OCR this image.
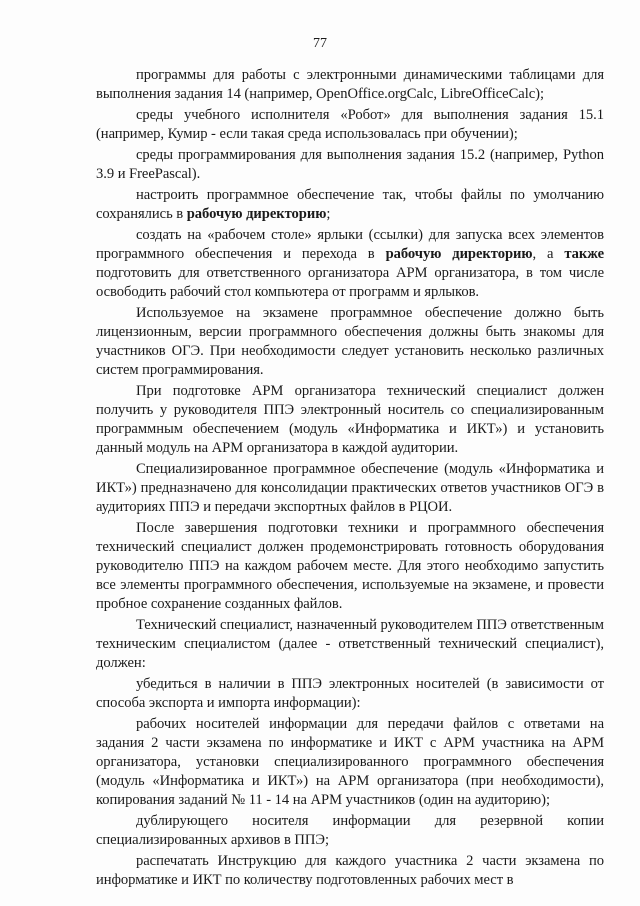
77

программы для работы с электронными динамическими таблицами для выполнения задания 14 (например, OpenOffice.orgCalc, LibreOfficeCalc);

среды учебного исполнителя «Робот» для выполнения задания 15.1 (например, Кумир - если такая среда использовалась при обучении);

среды программирования для выполнения задания 15.2 (например, Python 3.9 и FreePascal).

настроить программное обеспечение так, чтобы файлы по умолчанию сохранялись в рабочую директорию;

создать на «рабочем столе» ярлыки (ссылки) для запуска всех элементов программного обеспечения и перехода в рабочую директорию, а также подготовить для ответственного организатора АРМ организатора, в том числе освободить рабочий стол компьютера от программ и ярлыков.

Используемое на экзамене программное обеспечение должно быть лицензионным, версии программного обеспечения должны быть знакомы для участников ОГЭ. При необходимости следует установить несколько различных систем программирования.

При подготовке АРМ организатора технический специалист должен получить у руководителя ППЭ электронный носитель со специализированным программным обеспечением (модуль «Информатика и ИКТ») и установить данный модуль на АРМ организатора в каждой аудитории.

Специализированное программное обеспечение (модуль «Информатика и ИКТ») предназначено для консолидации практических ответов участников ОГЭ в аудиториях ППЭ и передачи экспортных файлов в РЦОИ.

После завершения подготовки техники и программного обеспечения технический специалист должен продемонстрировать готовность оборудования руководителю ППЭ на каждом рабочем месте. Для этого необходимо запустить все элементы программного обеспечения, используемые на экзамене, и провести пробное сохранение созданных файлов.

Технический специалист, назначенный руководителем ППЭ ответственным техническим специалистом (далее - ответственный технический специалист), должен:

убедиться в наличии в ППЭ электронных носителей (в зависимости от способа экспорта и импорта информации):

рабочих носителей информации для передачи файлов с ответами на задания 2 части экзамена по информатике и ИКТ с АРМ участника на АРМ организатора, установки специализированного программного обеспечения (модуль «Информатика и ИКТ») на АРМ организатора (при необходимости), копирования заданий № 11 - 14 на АРМ участников (один на аудиторию);

дублирующего носителя информации для резервной копии специализированных архивов в ППЭ;

распечатать Инструкцию для каждого участника 2 части экзамена по информатике и ИКТ по количеству подготовленных рабочих мест в
